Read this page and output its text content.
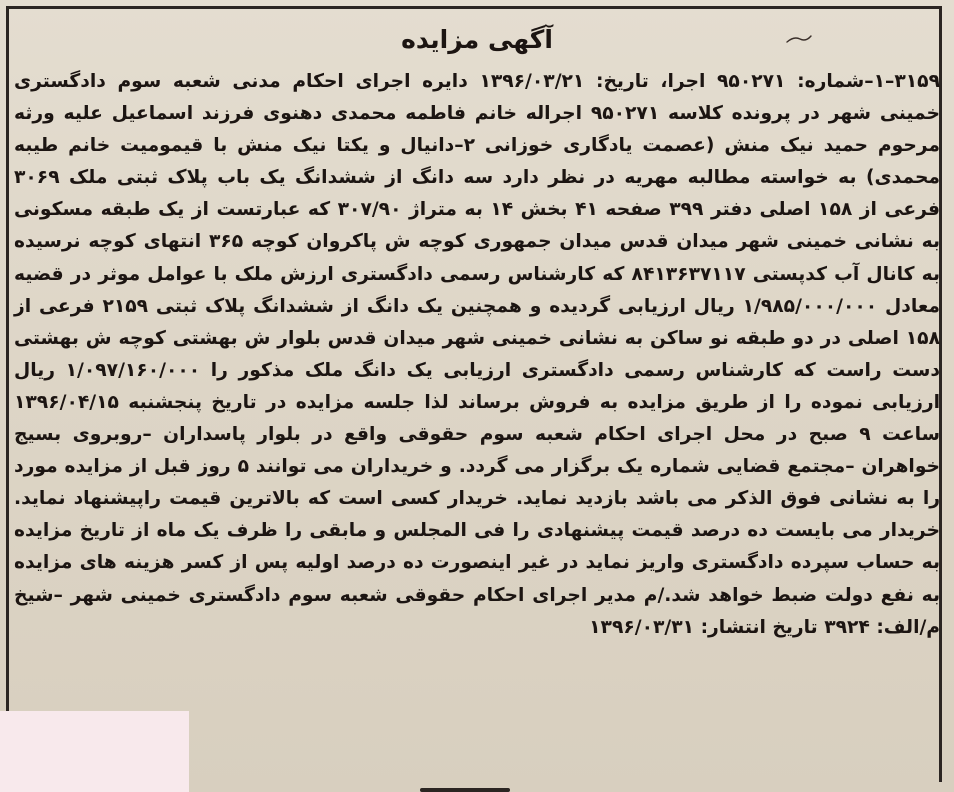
آگهی مزایده

۳۱۵۹–۱–شماره: ۹۵۰۲۷۱ اجرا، تاریخ: ۱۳۹۶/۰۳/۲۱ دایره اجرای احکام مدنی شعبه سوم دادگستری خمینی شهر در پرونده کلاسه ۹۵۰۲۷۱ اجراله خانم فاطمه محمدی دهنوی فرزند اسماعیل علیه ورثه مرحوم حمید نیک منش (عصمت یادگاری خوزانی ۲–دانیال و یکتا نیک منش با قیمومیت خانم طیبه محمدی) به خواسته مطالبه مهریه در نظر دارد سه دانگ از ششدانگ یک باب پلاک ثبتی ملک ۳۰۶۹ فرعی از ۱۵۸ اصلی دفتر ۳۹۹ صفحه ۴۱ بخش ۱۴ به متراژ ۳۰۷/۹۰ که عبارتست از یک طبقه مسکونی به نشانی خمینی شهر میدان قدس میدان جمهوری کوچه ش پاکروان کوچه ۳۶۵ انتهای کوچه نرسیده به کانال آب کدپستی ۸۴۱۳۶۳۷۱۱۷ که کارشناس رسمی دادگستری ارزش ملک با عوامل موثر در قضیه معادل ۱/۹۸۵/۰۰۰/۰۰۰ ریال ارزیابی گردیده و همچنین یک دانگ از ششدانگ پلاک ثبتی ۲۱۵۹ فرعی از ۱۵۸ اصلی در دو طبقه نو ساکن به نشانی خمینی شهر میدان قدس بلوار ش بهشتی کوچه ش بهشتی دست راست که کارشناس رسمی دادگستری ارزیابی یک دانگ ملک مذکور را ۱/۰۹۷/۱۶۰/۰۰۰ ریال ارزیابی نموده را از طریق مزایده به فروش برساند لذا جلسه مزایده در تاریخ پنجشنبه ۱۳۹۶/۰۴/۱۵ ساعت ۹ صبح در محل اجرای احکام شعبه سوم حقوقی واقع در بلوار پاسداران –روبروی بسیج خواهران –مجتمع قضایی شماره یک برگزار می گردد. و خریداران می توانند ۵ روز قبل از مزایده مورد را به نشانی فوق الذکر می باشد بازدید نماید. خریدار کسی است که بالاترین قیمت راپیشنهاد نماید. خریدار می بایست ده درصد قیمت پیشنهادی را فی المجلس و مابقی را ظرف یک ماه از تاریخ مزایده به حساب سپرده دادگستری واریز نماید در غیر اینصورت ده درصد اولیه پس از کسر هزینه های مزایده به نفع دولت ضبط خواهد شد./م مدیر اجرای احکام حقوقی شعبه سوم دادگستری خمینی شهر –شیخ م/الف: ۳۹۲۴ تاریخ انتشار: ۱۳۹۶/۰۳/۳۱
